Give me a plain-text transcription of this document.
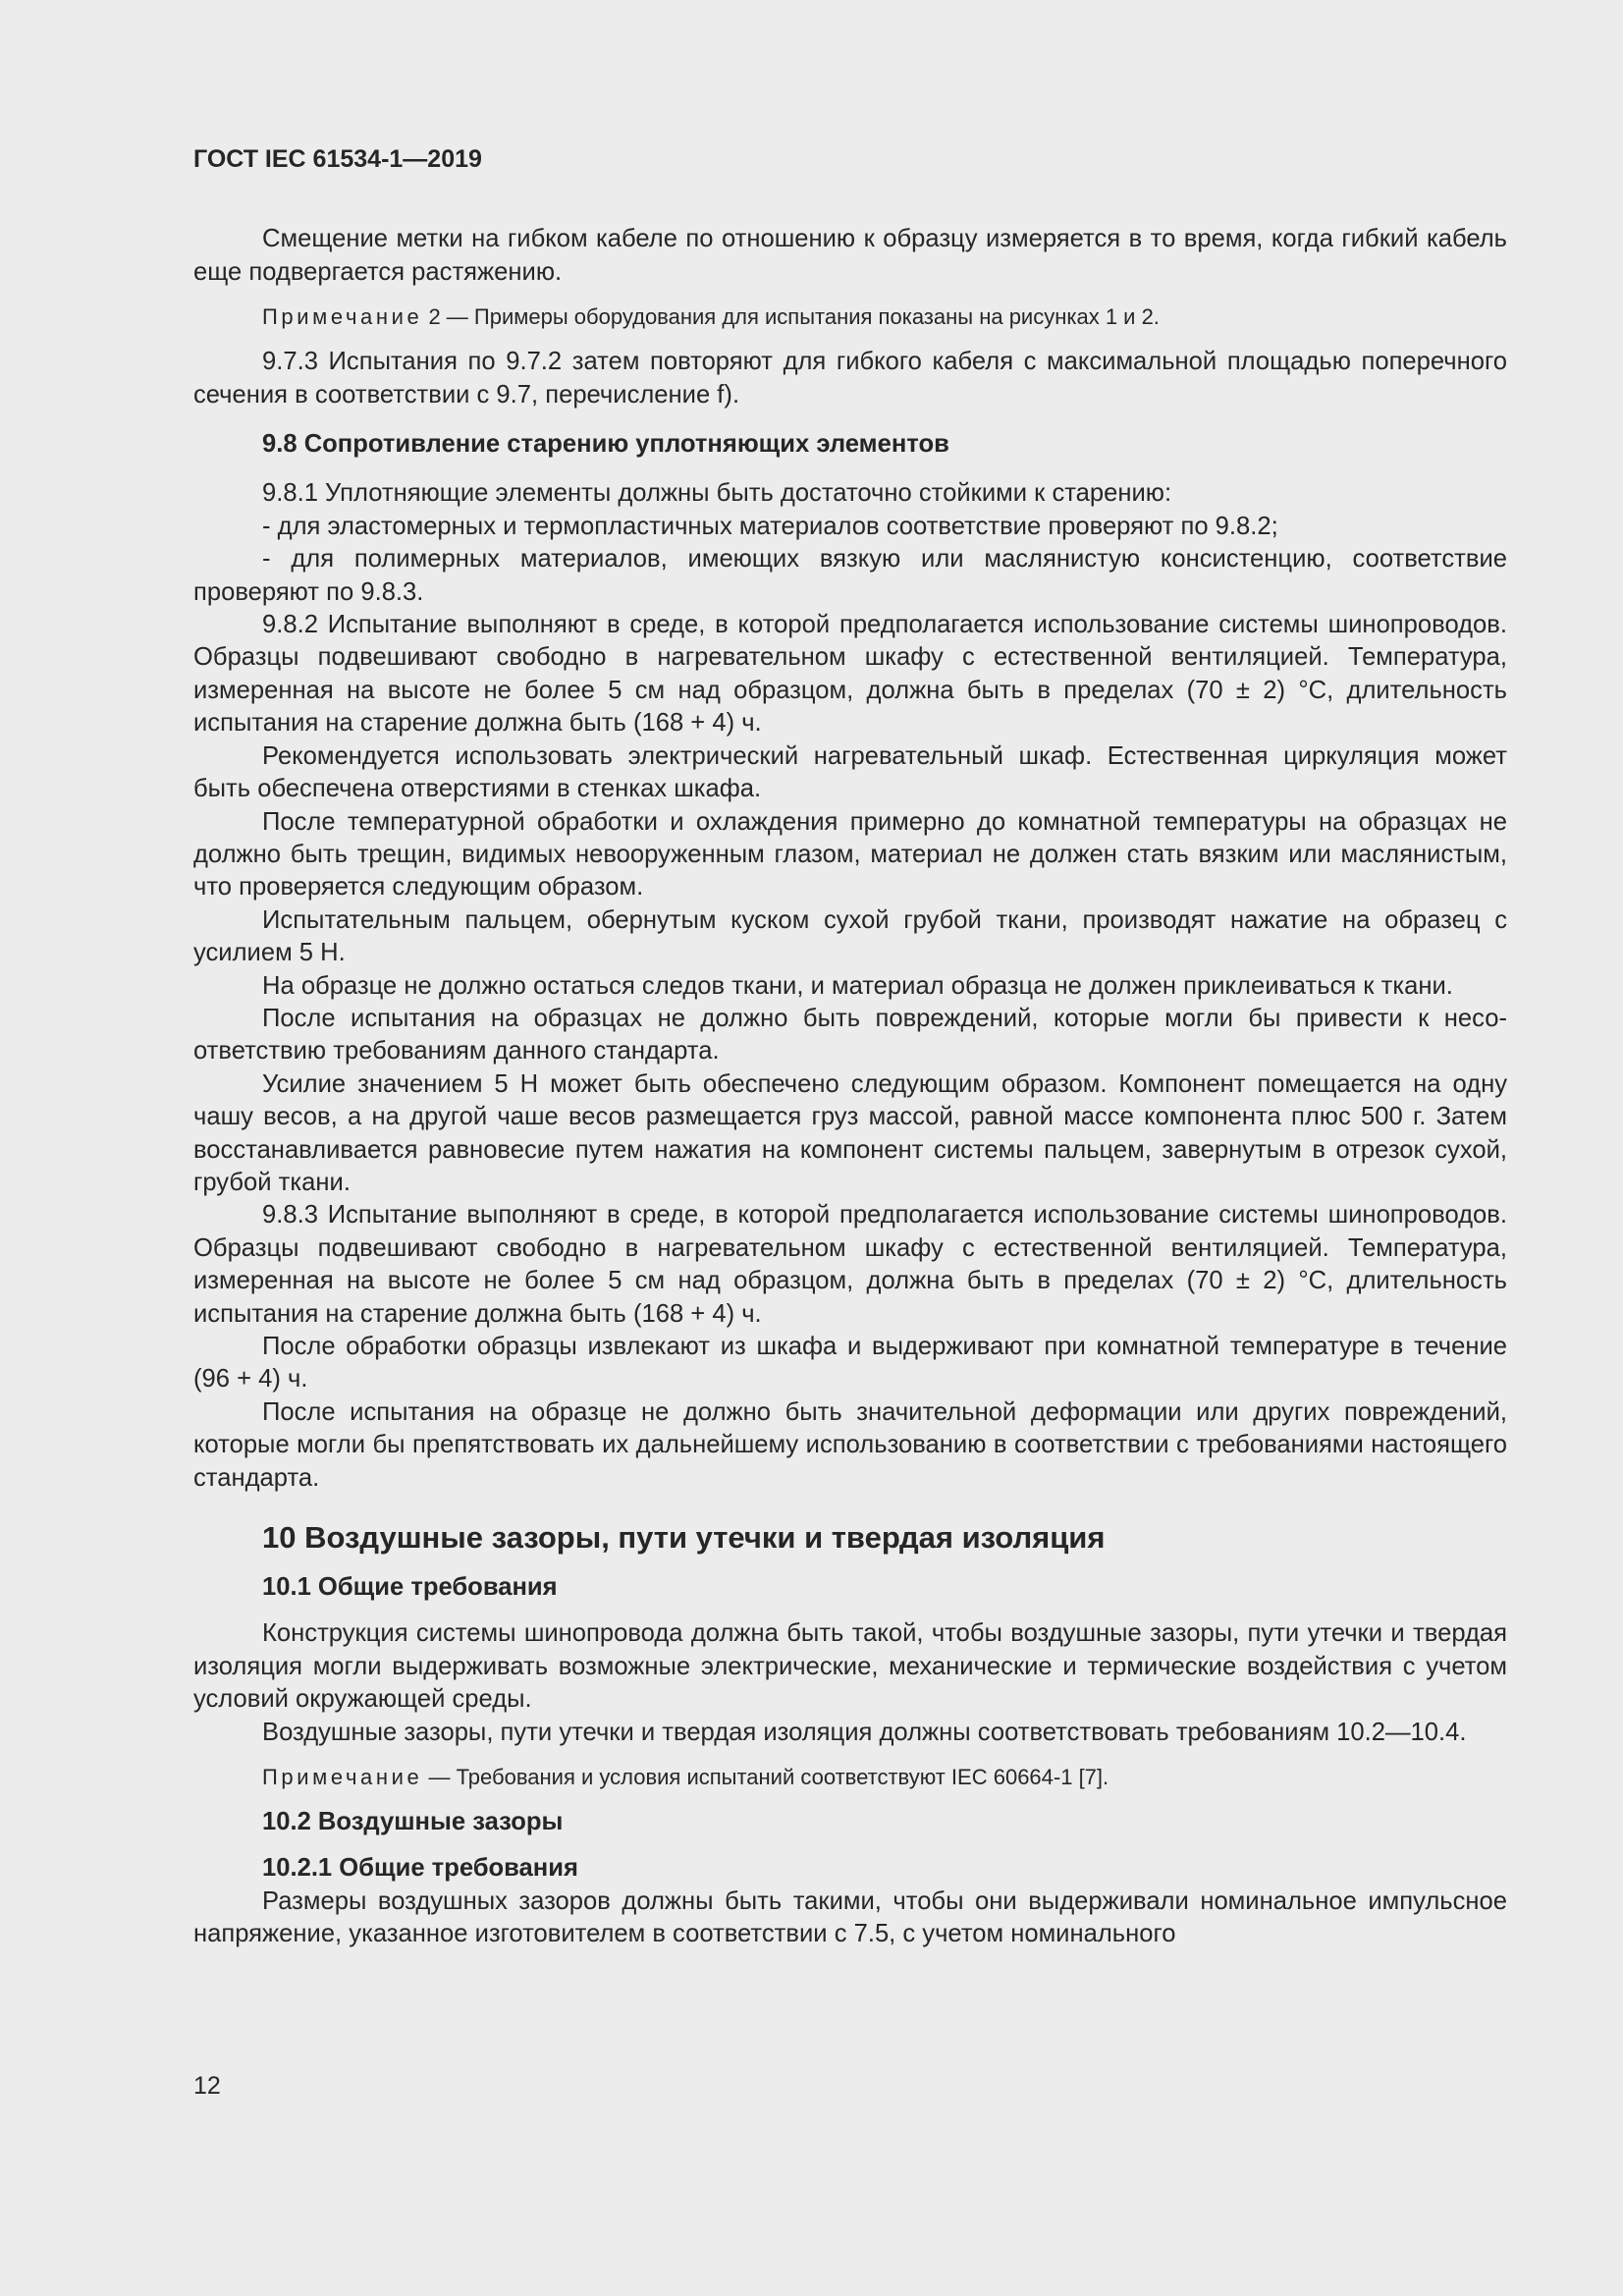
ГОСТ IEC 61534-1—2019

Смещение метки на гибком кабеле по отношению к образцу измеряется в то время, когда гибкий кабель еще подвергается растяжению.

Примечание 2 — Примеры оборудования для испытания показаны на рисунках 1 и 2.

9.7.3 Испытания по 9.7.2 затем повторяют для гибкого кабеля с максимальной площадью поперечного сечения в соответствии с 9.7, перечисление f).

9.8 Сопротивление старению уплотняющих элементов

9.8.1 Уплотняющие элементы должны быть достаточно стойкими к старению:

- для эластомерных и термопластичных материалов соответствие проверяют по 9.8.2;

- для полимерных материалов, имеющих вязкую или маслянистую консистенцию, соответствие проверяют по 9.8.3.

9.8.2 Испытание выполняют в среде, в которой предполагается использование системы шинопроводов. Образцы подвешивают свободно в нагревательном шкафу с естественной вентиляцией. Температура, измеренная на высоте не более 5 см над образцом, должна быть в пределах (70 ± 2) °C, длительность испытания на старение должна быть (168 + 4) ч.

Рекомендуется использовать электрический нагревательный шкаф. Естественная циркуляция может быть обеспечена отверстиями в стенках шкафа.

После температурной обработки и охлаждения примерно до комнатной температуры на образцах не должно быть трещин, видимых невооруженным глазом, материал не должен стать вязким или маслянистым, что проверяется следующим образом.

Испытательным пальцем, обернутым куском сухой грубой ткани, производят нажатие на образец с усилием 5 Н.

На образце не должно остаться следов ткани, и материал образца не должен приклеиваться к ткани.

После испытания на образцах не должно быть повреждений, которые могли бы привести к несоответствию требованиям данного стандарта.

Усилие значением 5 Н может быть обеспечено следующим образом. Компонент помещается на одну чашу весов, а на другой чаше весов размещается груз массой, равной массе компонента плюс 500 г. Затем восстанавливается равновесие путем нажатия на компонент системы пальцем, завернутым в отрезок сухой, грубой ткани.

9.8.3 Испытание выполняют в среде, в которой предполагается использование системы шинопроводов. Образцы подвешивают свободно в нагревательном шкафу с естественной вентиляцией. Температура, измеренная на высоте не более 5 см над образцом, должна быть в пределах (70 ± 2) °C, длительность испытания на старение должна быть (168 + 4) ч.

После обработки образцы извлекают из шкафа и выдерживают при комнатной температуре в течение (96 + 4) ч.

После испытания на образце не должно быть значительной деформации или других повреждений, которые могли бы препятствовать их дальнейшему использованию в соответствии с требованиями настоящего стандарта.

10 Воздушные зазоры, пути утечки и твердая изоляция

10.1 Общие требования

Конструкция системы шинопровода должна быть такой, чтобы воздушные зазоры, пути утечки и твердая изоляция могли выдерживать возможные электрические, механические и термические воздействия с учетом условий окружающей среды.

Воздушные зазоры, пути утечки и твердая изоляция должны соответствовать требованиям 10.2—10.4.

Примечание — Требования и условия испытаний соответствуют IEC 60664-1 [7].

10.2 Воздушные зазоры

10.2.1 Общие требования

Размеры воздушных зазоров должны быть такими, чтобы они выдерживали номинальное импульсное напряжение, указанное изготовителем в соответствии с 7.5, с учетом номинального

12
